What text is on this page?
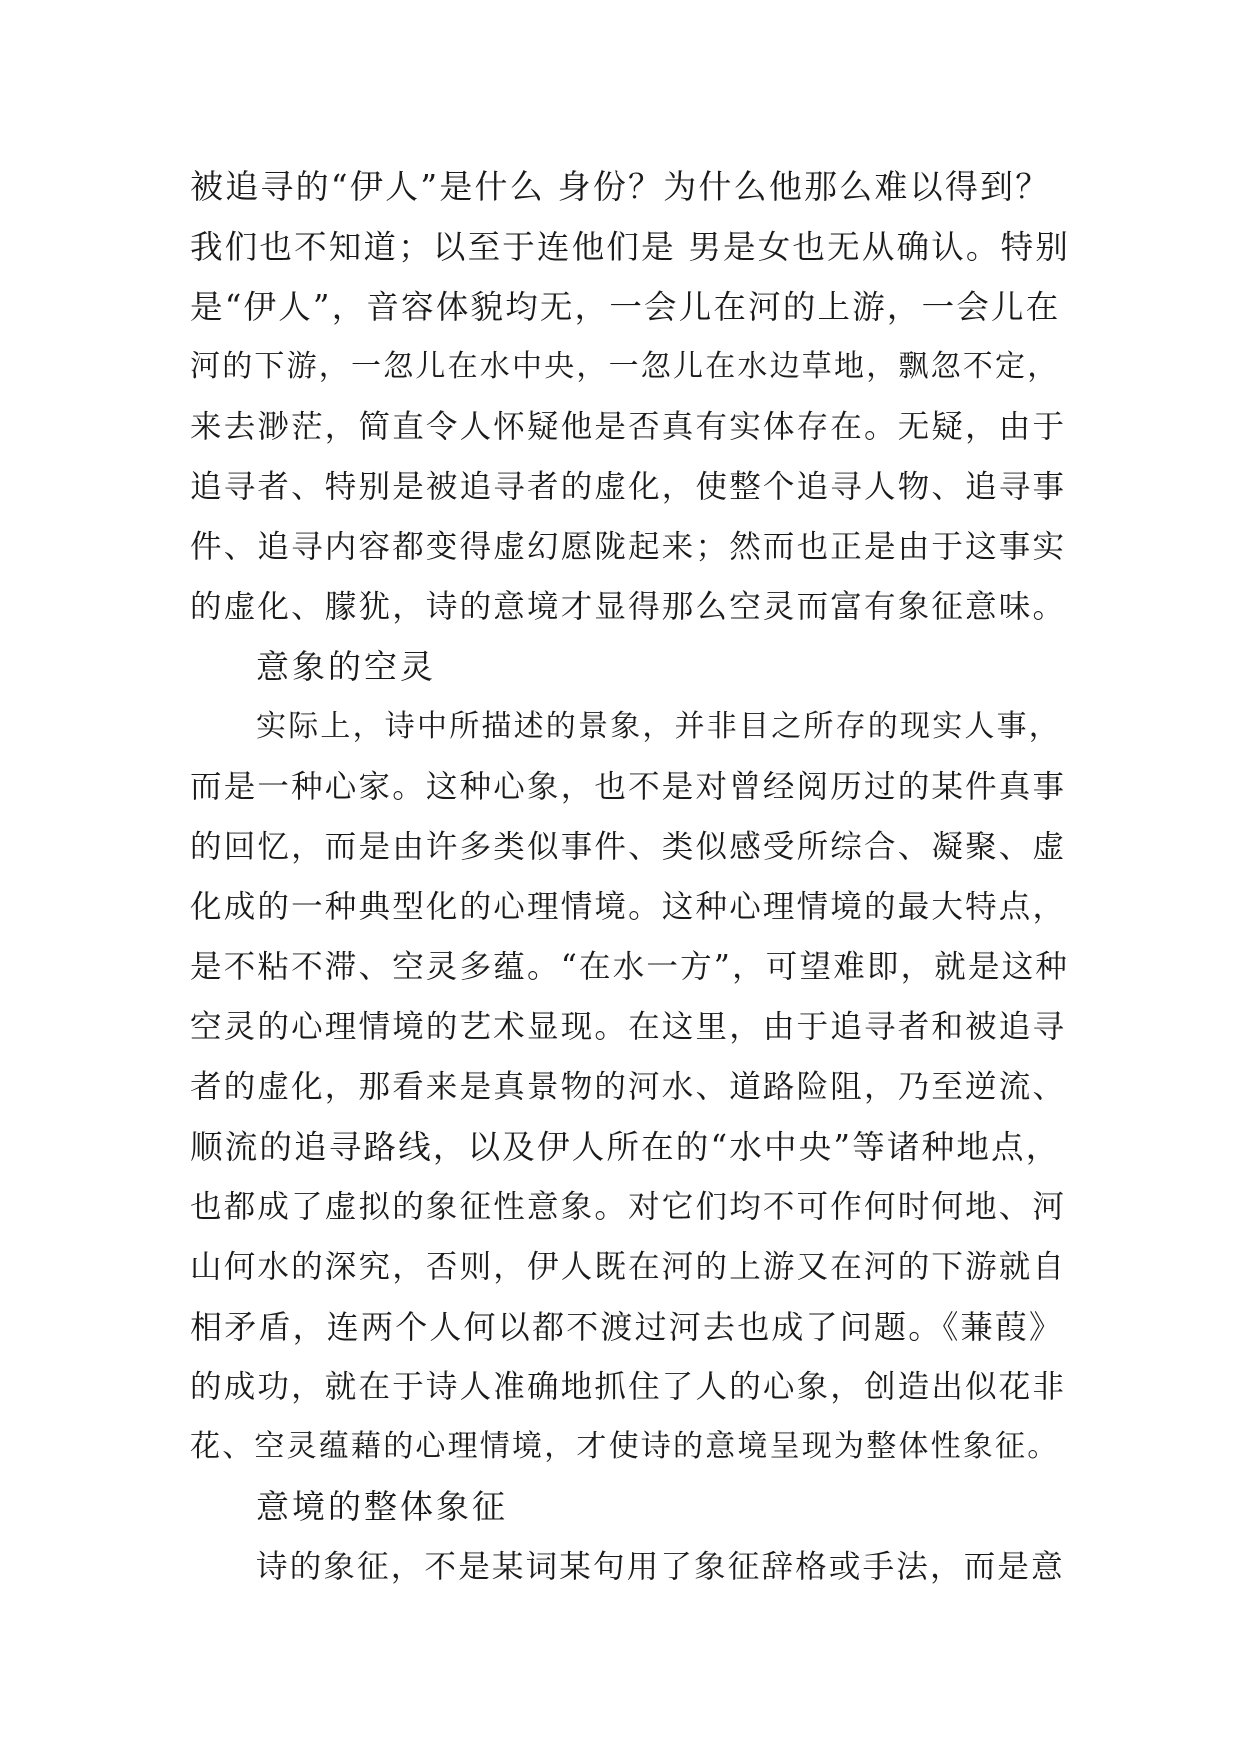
被追寻的“伊人”是什么 身份？为什么他那么难以得到？
我们也不知道；以至于连他们是 男是女也无从确认。特别
是“伊人”，音容体貌均无，一会儿在河的上游，一会儿在
河的下游，一忽儿在水中央，一忽儿在水边草地，飘忽不定，
来去渺茫，简直令人怀疑他是否真有实体存在。无疑，由于
追寻者、特别是被追寻者的虚化，使整个追寻人物、追寻事
件、追寻内容都变得虚幻愿陇起来；然而也正是由于这事实
的虚化、朦犹，诗的意境才显得那么空灵而富有象征意味。
意象的空灵
实际上，诗中所描述的景象，并非目之所存的现实人事，
而是一种心家。这种心象，也不是对曾经阅历过的某件真事
的回忆，而是由许多类似事件、类似感受所综合、凝聚、虚
化成的一种典型化的心理情境。这种心理情境的最大特点，
是不粘不滞、空灵多蕴。“在水一方”，可望难即，就是这种
空灵的心理情境的艺术显现。在这里，由于追寻者和被追寻
者的虚化，那看来是真景物的河水、道路险阻，乃至逆流、
顺流的追寻路线，以及伊人所在的“水中央”等诸种地点，
也都成了虚拟的象征性意象。对它们均不可作何时何地、河
山何水的深究，否则，伊人既在河的上游又在河的下游就自
相矛盾，连两个人何以都不渡过河去也成了问题。《蒹葭》
的成功，就在于诗人准确地抓住了人的心象，创造出似花非
花、空灵蕴藉的心理情境，才使诗的意境呈现为整体性象征。
意境的整体象征
诗的象征，不是某词某句用了象征辞格或手法，而是意
